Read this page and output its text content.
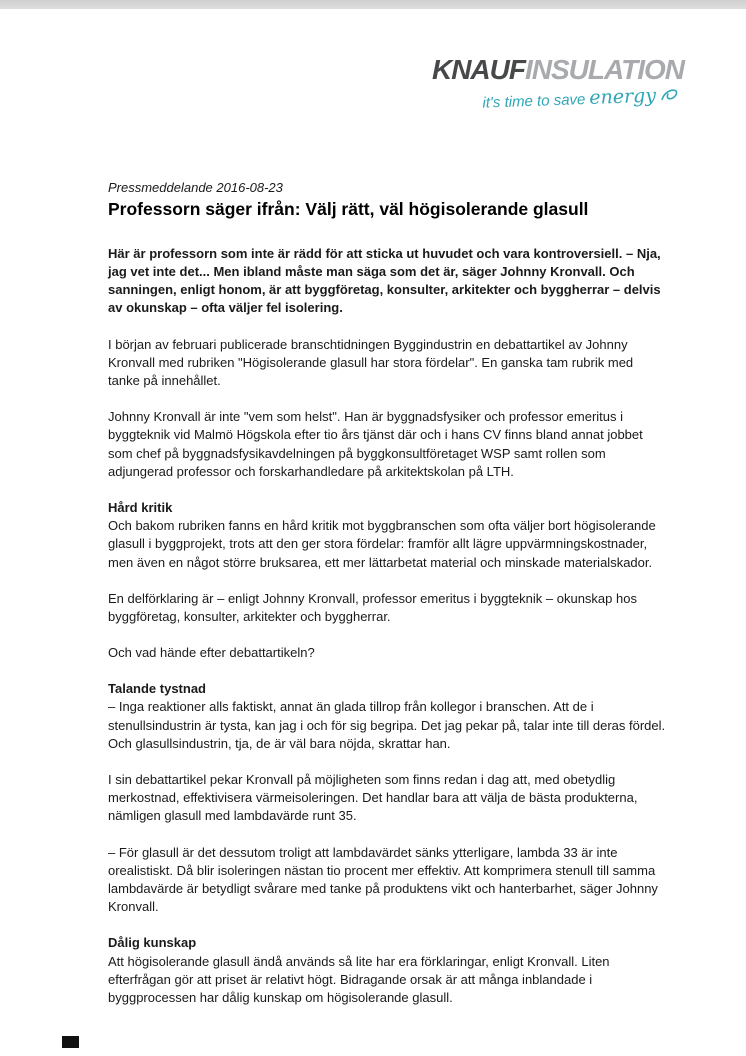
KNAUFINSULATION
it's time to save energy
Pressmeddelande 2016-08-23
Professorn säger ifrån: Välj rätt, väl högisolerande glasull

Här är professorn som inte är rädd för att sticka ut huvudet och vara kontroversiell. – Nja, jag vet inte det... Men ibland måste man säga som det är, säger Johnny Kronvall. Och sanningen, enligt honom, är att byggföretag, konsulter, arkitekter och byggherrar – delvis av okunskap – ofta väljer fel isolering.

I början av februari publicerade branschtidningen Byggindustrin en debattartikel av Johnny Kronvall med rubriken "Högisolerande glasull har stora fördelar". En ganska tam rubrik med tanke på innehållet.
Johnny Kronvall är inte "vem som helst". Han är byggnadsfysiker och professor emeritus i byggteknik vid Malmö Högskola efter tio års tjänst där och i hans CV finns bland annat jobbet som chef på byggnadsfysikavdelningen på byggkonsultföretaget WSP samt rollen som adjungerad professor och forskarhandledare på arkitektskolan på LTH.
Hård kritik
Och bakom rubriken fanns en hård kritik mot byggbranschen som ofta väljer bort högisolerande glasull i byggprojekt, trots att den ger stora fördelar: framför allt lägre uppvärmningskostnader, men även en något större bruksarea, ett mer lättarbetat material och minskade materialskador.
En delförklaring är – enligt Johnny Kronvall, professor emeritus i byggteknik – okunskap hos byggföretag, konsulter, arkitekter och byggherrar.
Och vad hände efter debattartikeln?
Talande tystnad
– Inga reaktioner alls faktiskt, annat än glada tillrop från kollegor i branschen. Att de i stenullsindustrin är tysta, kan jag i och för sig begripa. Det jag pekar på, talar inte till deras fördel. Och glasullsindustrin, tja, de är väl bara nöjda, skrattar han.
I sin debattartikel pekar Kronvall på möjligheten som finns redan i dag att, med obetydlig merkostnad, effektivisera värmeisoleringen. Det handlar bara att välja de bästa produkterna, nämligen glasull med lambdavärde runt 35.
– För glasull är det dessutom troligt att lambdavärdet sänks ytterligare, lambda 33 är inte orealistiskt. Då blir isoleringen nästan tio procent mer effektiv. Att komprimera stenull till samma lambdavärde är betydligt svårare med tanke på produktens vikt och hanterbarhet, säger Johnny Kronvall.
Dålig kunskap
Att högisolerande glasull ändå används så lite har era förklaringar, enligt Kronvall. Liten efterfrågan gör att priset är relativt högt. Bidragande orsak är att många inblandade i byggprocessen har dålig kunskap om högisolerande glasull.
